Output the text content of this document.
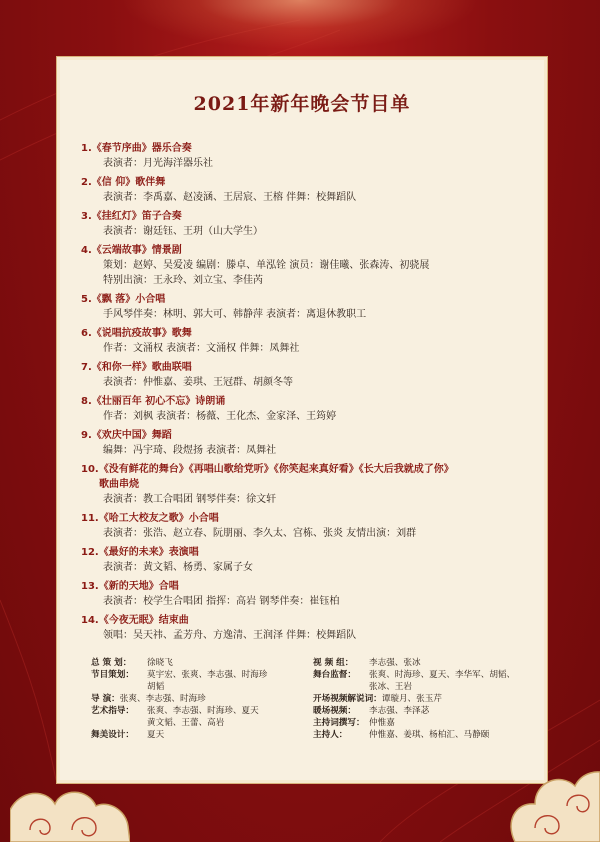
2021年新年晚会节目单
1.《春节序曲》器乐合奏
表演者：月光海洋器乐社
2.《信 仰》歌伴舞
表演者：李禹嘉、赵凌涵、王居宸、王榕 伴舞：校舞蹈队
3.《挂红灯》笛子合奏
表演者：谢廷钰、王玥（山大学生）
4.《云端故事》情景剧
策划：赵婷、吴爱凌 编剧：滕卓、单泓铨 演员：谢佳曦、张森涛、初骁展
特别出演：王永玲、刘立宝、李佳芮
5.《飘 落》小合唱
手风琴伴奏：林明、郭大可、韩静萍 表演者：离退休教职工
6.《说唱抗疫故事》歌舞
作者：文涌权 表演者：文涌权 伴舞：凤舞社
7.《和你一样》歌曲联唱
表演者：仲惟嘉、姜琪、王冠群、胡颜冬等
8.《壮丽百年 初心不忘》诗朗诵
作者：刘枫 表演者：杨薇、王化杰、金家泽、王筠婷
9.《欢庆中国》舞蹈
编舞：冯宇琦、段煜扬 表演者：凤舞社
10.《没有鲜花的舞台》《再唱山歌给党听》《你笑起来真好看》《长大后我就成了你》
歌曲串烧
表演者：教工合唱团 钢琴伴奏：徐文轩
11.《哈工大校友之歌》小合唱
表演者：张浩、赵立春、阮朋丽、李久太、宫栋、张炎 友情出演：刘群
12.《最好的未来》表演唱
表演者：黄文韬、杨勇、家属子女
13.《新的天地》合唱
表演者：校学生合唱团 指挥：高岩 钢琴伴奏：崔钰柏
14.《今夜无眠》结束曲
领唱：吴天祎、孟芳舟、方逸清、王润泽 伴舞：校舞蹈队
总 策 划：	徐晓飞
节目策划：	莫宇宏、张爽、李志强、时海珍
胡韬
导 演： 张爽、李志强、时海珍
艺术指导：	张爽、李志强、时海珍、夏天
黄文韬、王蕾、高岩
舞美设计：	夏天
视 频 组：	李志强、张冰
舞台监督：	张爽、时海珍、夏天、李华军、胡韬、
张冰、王岩
开场视频解说词： 谭璇月、张玉芹
暖场视频：	李志强、李泽苾
主持词撰写： 仲惟嘉
主持人：	仲惟嘉、姜琪、杨柏汇、马静颐
